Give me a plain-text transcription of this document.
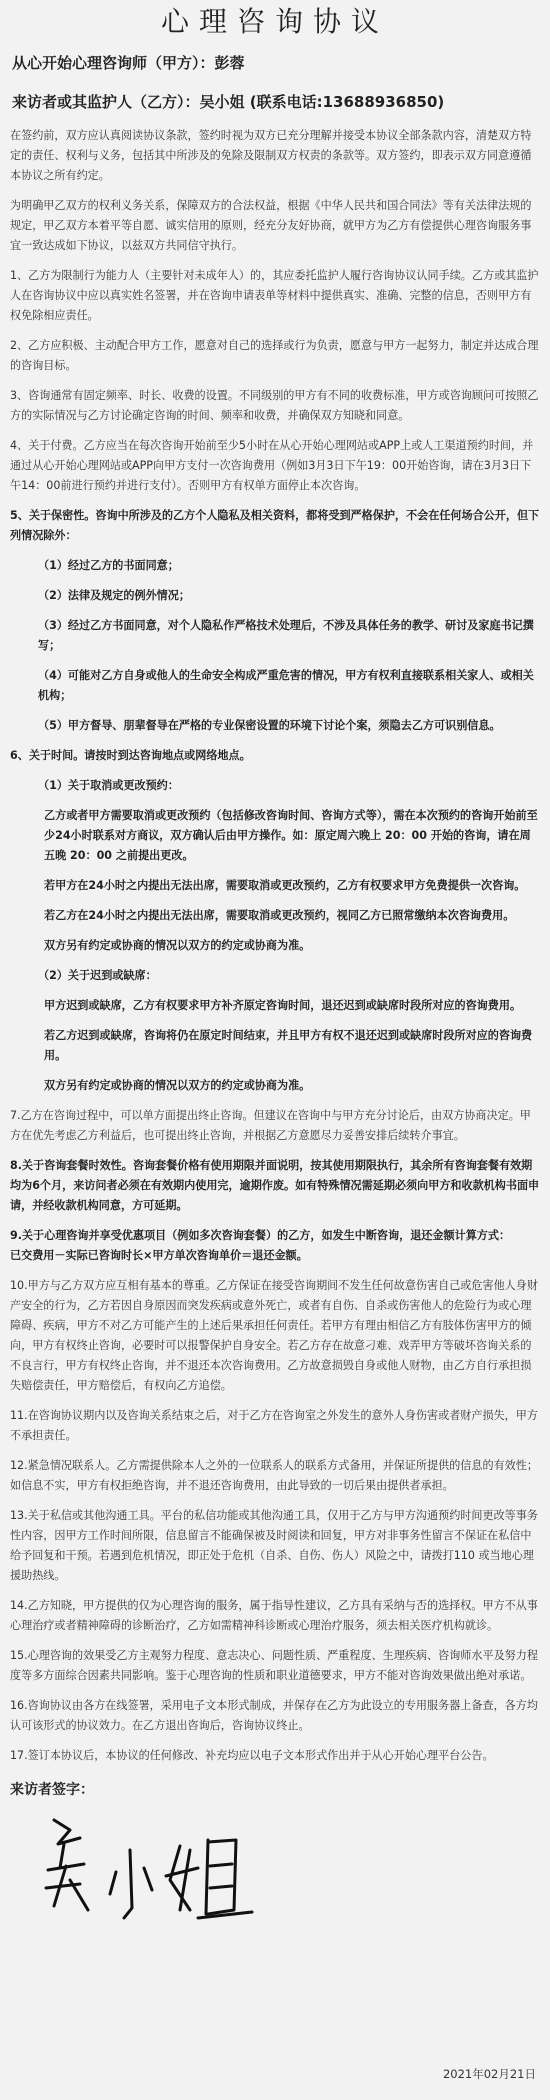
心理咨询协议
从心开始心理咨询师（甲方）：彭蓉
来访者或其监护人（乙方）：吴小姐 (联系电话:13688936850)

在签约前，双方应认真阅读协议条款，签约时视为双方已充分理解并接受本协议全部条款内容，清楚双方特定的责任、权利与义务，包括其中所涉及的免除及限制双方权责的条款等。双方签约，即表示双方同意遵循本协议之所有约定。

为明确甲乙双方的权利义务关系，保障双方的合法权益，根据《中华人民共和国合同法》等有关法律法规的规定，甲乙双方本着平等自愿、诚实信用的原则，经充分友好协商，就甲方为乙方有偿提供心理咨询服务事宜一致达成如下协议，以兹双方共同信守执行。

1、乙方为限制行为能力人（主要针对未成年人）的，其应委托监护人履行咨询协议认同手续。乙方或其监护人在咨询协议中应以真实姓名签署，并在咨询申请表单等材料中提供真实、准确、完整的信息，否则甲方有权免除相应责任。

2、乙方应积极、主动配合甲方工作，愿意对自己的选择或行为负责，愿意与甲方一起努力，制定并达成合理的咨询目标。

3、咨询通常有固定频率、时长、收费的设置。不同级别的甲方有不同的收费标准，甲方或咨询顾问可按照乙方的实际情况与乙方讨论确定咨询的时间、频率和收费，并确保双方知晓和同意。

4、关于付费。乙方应当在每次咨询开始前至少5小时在从心开始心理网站或APP上或人工渠道预约时间，并通过从心开始心理网站或APP向甲方支付一次咨询费用（例如3月3日下午19：00开始咨询，请在3月3日下午14：00前进行预约并进行支付）。否则甲方有权单方面停止本次咨询。

5、关于保密性。咨询中所涉及的乙方个人隐私及相关资料，都将受到严格保护，不会在任何场合公开，但下列情况除外：

（1）经过乙方的书面同意；

（2）法律及规定的例外情况；

（3）经过乙方书面同意，对个人隐私作严格技术处理后，不涉及具体任务的教学、研讨及家庭书记撰写；

（4）可能对乙方自身或他人的生命安全构成严重危害的情况，甲方有权利直接联系相关家人、或相关机构；

（5）甲方督导、朋辈督导在严格的专业保密设置的环境下讨论个案，须隐去乙方可识别信息。

6、关于时间。请按时到达咨询地点或网络地点。

（1）关于取消或更改预约：

乙方或者甲方需要取消或更改预约（包括修改咨询时间、咨询方式等），需在本次预约的咨询开始前至少24小时联系对方商议，双方确认后由甲方操作。如：原定周六晚上 20：00 开始的咨询，请在周五晚 20：00 之前提出更改。

若甲方在24小时之内提出无法出席，需要取消或更改预约，乙方有权要求甲方免费提供一次咨询。

若乙方在24小时之内提出无法出席，需要取消或更改预约，视同乙方已照常缴纳本次咨询费用。

双方另有约定或协商的情况以双方的约定或协商为准。

（2）关于迟到或缺席：

甲方迟到或缺席，乙方有权要求甲方补齐原定咨询时间，退还迟到或缺席时段所对应的咨询费用。

若乙方迟到或缺席，咨询将仍在原定时间结束，并且甲方有权不退还迟到或缺席时段所对应的咨询费用。

双方另有约定或协商的情况以双方的约定或协商为准。

7.乙方在咨询过程中，可以单方面提出终止咨询。但建议在咨询中与甲方充分讨论后，由双方协商决定。甲方在优先考虑乙方利益后，也可提出终止咨询，并根据乙方意愿尽力妥善安排后续转介事宜。

8.关于咨询套餐时效性。咨询套餐价格有使用期限并面说明，按其使用期限执行，其余所有咨询套餐有效期均为6个月，来访问者必须在有效期内使用完，逾期作废。如有特殊情况需延期必须向甲方和收款机构书面申请，并经收款机构同意，方可延期。

9.关于心理咨询并享受优惠项目（例如多次咨询套餐）的乙方，如发生中断咨询，退还金额计算方式：

已交费用－实际已咨询时长×甲方单次咨询单价＝退还金额。

10.甲方与乙方双方应互相有基本的尊重。乙方保证在接受咨询期间不发生任何故意伤害自己或危害他人身财产安全的行为，乙方若因自身原因而突发疾病或意外死亡，或者有自伤、自杀或伤害他人的危险行为或心理障碍、疾病，甲方不对乙方可能产生的上述后果承担任何责任。若甲方有理由相信乙方有肢体伤害甲方的倾向，甲方有权终止咨询，必要时可以报警保护自身安全。若乙方存在故意刁难、戏弄甲方等破坏咨询关系的不良言行，甲方有权终止咨询，并不退还本次咨询费用。乙方故意损毁自身或他人财物，由乙方自行承担损失赔偿责任，甲方赔偿后，有权向乙方追偿。

11.在咨询协议期内以及咨询关系结束之后，对于乙方在咨询室之外发生的意外人身伤害或者财产损失，甲方不承担责任。

12.紧急情况联系人。乙方需提供除本人之外的一位联系人的联系方式备用，并保证所提供的信息的有效性；如信息不实，甲方有权拒绝咨询，并不退还咨询费用，由此导致的一切后果由提供者承担。

13.关于私信或其他沟通工具。平台的私信功能或其他沟通工具，仅用于乙方与甲方沟通预约时间更改等事务性内容，因甲方工作时间所限，信息留言不能确保被及时阅读和回复，甲方对非事务性留言不保证在私信中给予回复和干预。若遇到危机情况，即正处于危机（自杀、自伤、伤人）风险之中，请拨打110 或当地心理援助热线。

14.乙方知晓，甲方提供的仅为心理咨询的服务，属于指导性建议，乙方具有采纳与否的选择权。甲方不从事心理治疗或者精神障碍的诊断治疗，乙方如需精神科诊断或心理治疗服务，须去相关医疗机构就诊。

15.心理咨询的效果受乙方主观努力程度、意志决心、问题性质、严重程度、生理疾病、咨询师水平及努力程度等多方面综合因素共同影响。鉴于心理咨询的性质和职业道德要求，甲方不能对咨询效果做出绝对承诺。

16.咨询协议由各方在线签署，采用电子文本形式制成，并保存在乙方为此设立的专用服务器上备查，各方均认可该形式的协议效力。在乙方退出咨询后，咨询协议终止。

17.签订本协议后，本协议的任何修改、补充均应以电子文本形式作出并于从心开始心理平台公告。

来访者签字：
2021年02月21日
